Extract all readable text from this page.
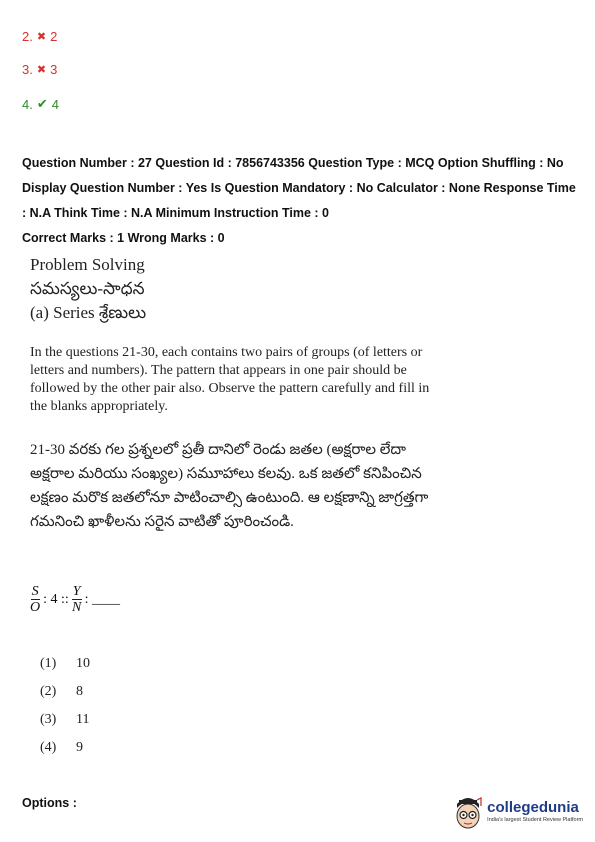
2. ✖ 2
3. ✖ 3
4. ✔ 4
Question Number : 27 Question Id : 7856743356 Question Type : MCQ Option Shuffling : No
Display Question Number : Yes Is Question Mandatory : No Calculator : None Response Time
: N.A Think Time : N.A Minimum Instruction Time : 0
Correct Marks : 1 Wrong Marks : 0
Problem Solving
సమస్యలు-సాధన
(a) Series శ్రేణులు
In the questions 21-30, each contains two pairs of groups (of letters or letters and numbers). The pattern that appears in one pair should be followed by the other pair also. Observe the pattern carefully and fill in the blanks appropriately.
21-30 వరకు గల ప్రశ్నలలో ప్రతీ దానిలో రెండు జతల (అక్షరాల లేదా అక్షరాల మరియు సంఖ్యల) సమూహాలు కలవు. ఒక జతలో కనిపించిన లక్షణం మరొక జతలోనూ పాటించాల్సి ఉంటుంది. ఆ లక్షణాన్ని జాగ్రత్తగా గమనించి ఖాళీలను సరైన వాటితో పూరించండి.
$\frac{S}{O}$ : 4 :: $\frac{Y}{N}$ : ____
(1) 10
(2) 8
(3) 11
(4) 9
Options :	collegedunia
India's largest Student Review Platform
